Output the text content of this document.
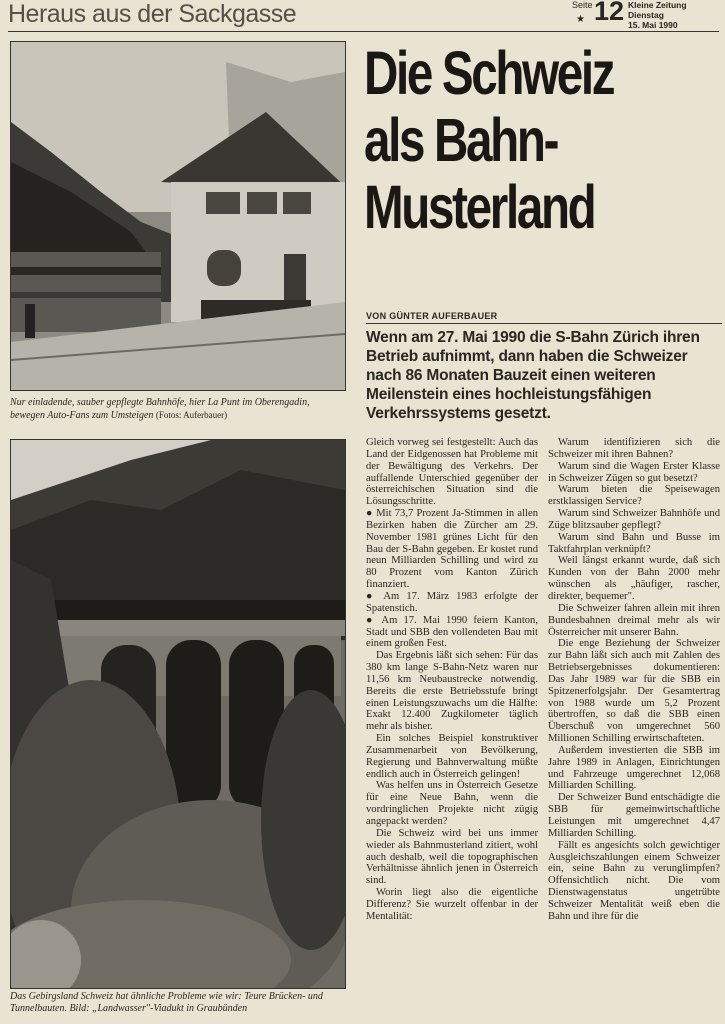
Heraus aus der Sackgasse	Seite
★ 12 Kleine Zeitung
Dienstag
15. Mai 1990
Nur einladende, sauber gepflegte Bahnhöfe, hier La Punt im Oberengadin, bewegen Auto-Fans zum Umsteigen (Fotos: Auferbauer)
Das Gebirgsland Schweiz hat ähnliche Probleme wie wir: Teure Brücken- und Tunnelbauten. Bild: „Landwasser"-Viadukt in Graubünden
Die Schweiz
als Bahn-
Musterland
VON GÜNTER AUFERBAUER
Wenn am 27. Mai 1990 die S-Bahn Zürich ihren Betrieb aufnimmt, dann haben die Schweizer nach 86 Monaten Bauzeit einen weiteren Meilenstein eines hochleistungsfähigen Verkehrssystems gesetzt.

Gleich vorweg sei festgestellt: Auch das Land der Eidgenossen hat Probleme mit der Bewältigung des Verkehrs. Der auffallende Unterschied gegenüber der österreichischen Situation sind die Lösungsschritte.

● Mit 73,7 Prozent Ja-Stimmen in allen Bezirken haben die Zürcher am 29. November 1981 grünes Licht für den Bau der S-Bahn gegeben. Er kostet rund neun Milliarden Schilling und wird zu 80 Prozent vom Kanton Zürich finanziert.

● Am 17. März 1983 erfolgte der Spatenstich.

● Am 17. Mai 1990 feiern Kanton, Stadt und SBB den vollendeten Bau mit einem großen Fest.

Das Ergebnis läßt sich sehen: Für das 380 km lange S-Bahn-Netz waren nur 11,56 km Neubaustrecke notwendig. Bereits die erste Betriebsstufe bringt einen Leistungszuwachs um die Hälfte: Exakt 12.400 Zugkilometer täglich mehr als bisher.

Ein solches Beispiel konstruktiver Zusammenarbeit von Bevölkerung, Regierung und Bahnverwaltung müßte endlich auch in Österreich gelingen!

Was helfen uns in Österreich Gesetze für eine Neue Bahn, wenn die vordringlichen Projekte nicht zügig angepackt werden?

Die Schweiz wird bei uns immer wieder als Bahnmusterland zitiert, wohl auch deshalb, weil die topographischen Verhältnisse ähnlich jenen in Österreich sind.

Worin liegt also die eigentliche Differenz? Sie wurzelt offenbar in der Mentalität:

Warum identifizieren sich die Schweizer mit ihren Bahnen?

Warum sind die Wagen Erster Klasse in Schweizer Zügen so gut besetzt?

Warum bieten die Speisewagen erstklassigen Service?

Warum sind Schweizer Bahnhöfe und Züge blitzsauber gepflegt?

Warum sind Bahn und Busse im Taktfahrplan verknüpft?

Weil längst erkannt wurde, daß sich Kunden von der Bahn 2000 mehr wünschen als „häufiger, rascher, direkter, bequemer".

Die Schweizer fahren allein mit ihren Bundesbahnen dreimal mehr als wir Österreicher mit unserer Bahn.

Die enge Beziehung der Schweizer zur Bahn läßt sich auch mit Zahlen des Betriebsergebnisses dokumentieren: Das Jahr 1989 war für die SBB ein Spitzenerfolgsjahr. Der Gesamtertrag von 1988 wurde um 5,2 Prozent übertroffen, so daß die SBB einen Überschuß von umgerechnet 560 Millionen Schilling erwirtschafteten.

Außerdem investierten die SBB im Jahre 1989 in Anlagen, Einrichtungen und Fahrzeuge umgerechnet 12,068 Milliarden Schilling.

Der Schweizer Bund entschädigte die SBB für gemeinwirtschaftliche Leistungen mit umgerechnet 4,47 Milliarden Schilling.

Fällt es angesichts solch gewichtiger Ausgleichszahlungen einem Schweizer ein, seine Bahn zu verunglimpfen? Offensichtlich nicht. Die vom Dienstwagenstatus ungetrübte Schweizer Mentalität weiß eben die Bahn und ihre für die
